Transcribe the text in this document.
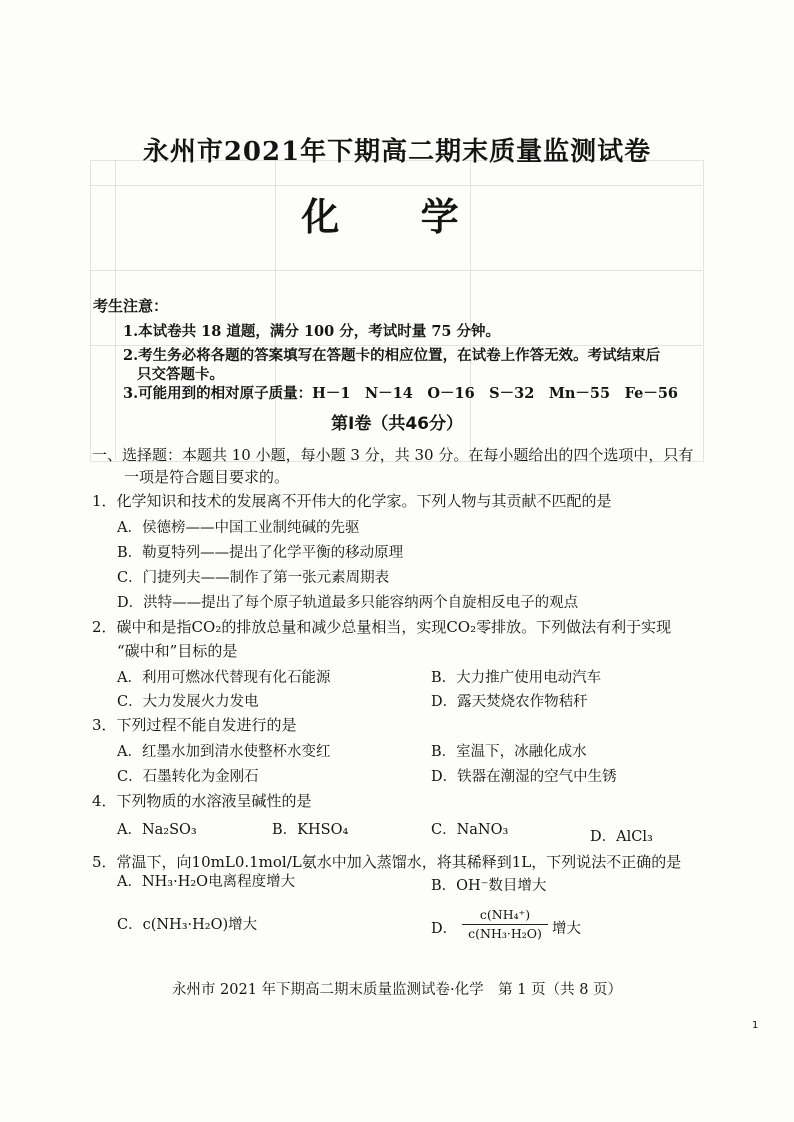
永州市2021年下期高二期末质量监测试卷
化 学
考生注意：
1.本试卷共 18 道题，满分 100 分，考试时量 75 分钟。
2.考生务必将各题的答案填写在答题卡的相应位置，在试卷上作答无效。考试结束后
只交答题卡。
3.可能用到的相对原子质量：H－1　N－14　O－16　S－32　Mn－55　Fe－56
第Ⅰ卷（共46分）
一、选择题：本题共 10 小题，每小题 3 分，共 30 分。在每小题给出的四个选项中，只有
一项是符合题目要求的。
1．化学知识和技术的发展离不开伟大的化学家。下列人物与其贡献不匹配的是
A．侯德榜——中国工业制纯碱的先驱
B．勒夏特列——提出了化学平衡的移动原理
C．门捷列夫——制作了第一张元素周期表
D．洪特——提出了每个原子轨道最多只能容纳两个自旋相反电子的观点
2．碳中和是指CO₂的排放总量和减少总量相当，实现CO₂零排放。下列做法有利于实现
“碳中和”目标的是
A．利用可燃冰代替现有化石能源	B．大力推广使用电动汽车
C．大力发展火力发电	D．露天焚烧农作物秸秆
3．下列过程不能自发进行的是
A．红墨水加到清水使整杯水变红	B．室温下，冰融化成水
C．石墨转化为金刚石	D．铁器在潮湿的空气中生锈
4．下列物质的水溶液呈碱性的是
A．Na₂SO₃	B．KHSO₄	C．NaNO₃	D．AlCl₃
5．常温下，向10mL0.1mol/L氨水中加入蒸馏水，将其稀释到1L，下列说法不正确的是
A．NH₃·H₂O电离程度增大	B．OH⁻数目增大
C．c(NH₃·H₂O)增大	D． $\frac{\text{c(NH₄⁺)}}{\text{c(NH₃·H₂O)}}$ 增大
永州市 2021 年下期高二期末质量监测试卷·化学　第 1 页（共 8 页）
1
